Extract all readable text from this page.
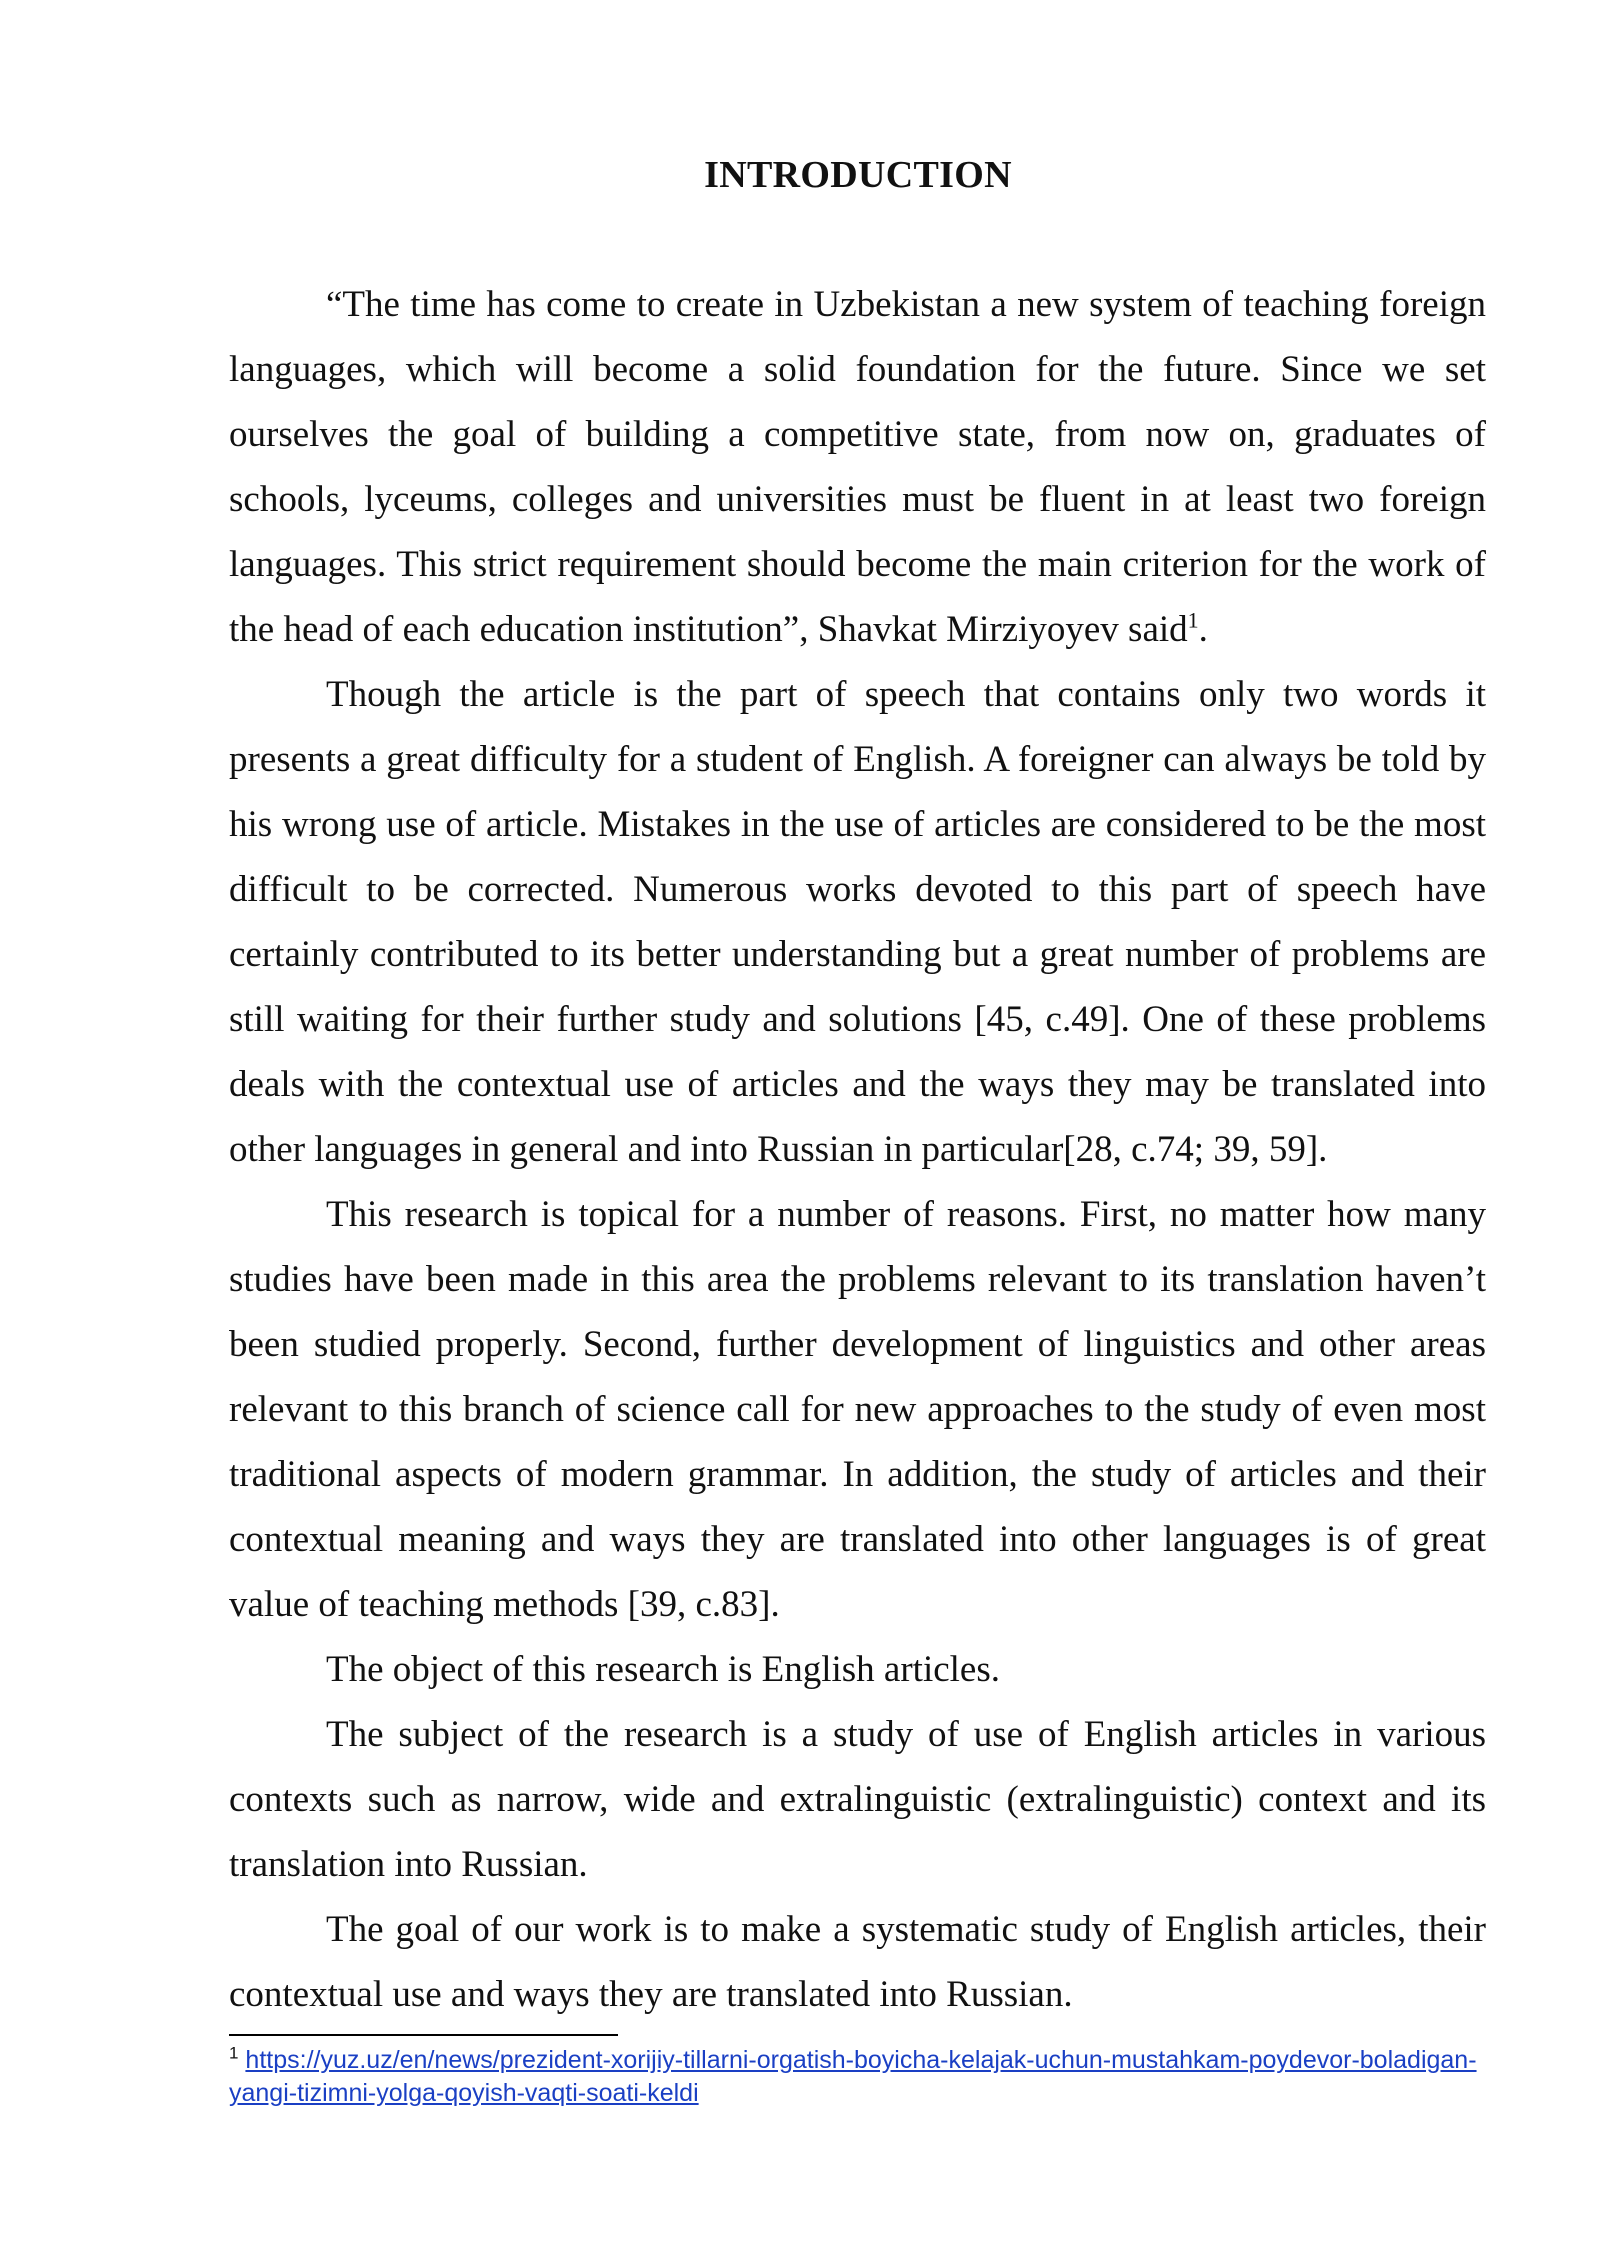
INTRODUCTION

“The time has come to create in Uzbekistan a new system of teaching foreign languages, which will become a solid foundation for the future. Since we set ourselves the goal of building a competitive state, from now on, graduates of schools, lyceums, colleges and universities must be fluent in at least two foreign languages. This strict requirement should become the main criterion for the work of the head of each education institution”, Shavkat Mirziyoyev said$^1$.

Though the article is the part of speech that contains only two words it presents a great difficulty for a student of English. A foreigner can always be told by his wrong use of article. Mistakes in the use of articles are considered to be the most difficult to be corrected. Numerous works devoted to this part of speech have certainly contributed to its better understanding but a great number of problems are still waiting for their further study and solutions [45, c.49]. One of these problems deals with the contextual use of articles and the ways they may be translated into other languages in general and into Russian in particular[28, c.74; 39, 59].

This research is topical for a number of reasons. First, no matter how many studies have been made in this area the problems relevant to its translation haven’t been studied properly. Second, further development of linguistics and other areas relevant to this branch of science call for new approaches to the study of even most traditional aspects of modern grammar. In addition, the study of articles and their contextual meaning and ways they are translated into other languages is of great value of teaching methods [39, c.83].

The object of this research is English articles.

The subject of the research is a study of use of English articles in various contexts such as narrow, wide and extralinguistic (extralinguistic) context and its translation into Russian.

The goal of our work is to make a systematic study of English articles, their contextual use and ways they are translated into Russian.

$^1$ https://yuz.uz/en/news/prezident-xorijiy-tillarni-orgatish-boyicha-kelajak-uchun-mustahkam-poydevor-boladigan-yangi-tizimni-yolga-qoyish-vaqti-soati-keldi
